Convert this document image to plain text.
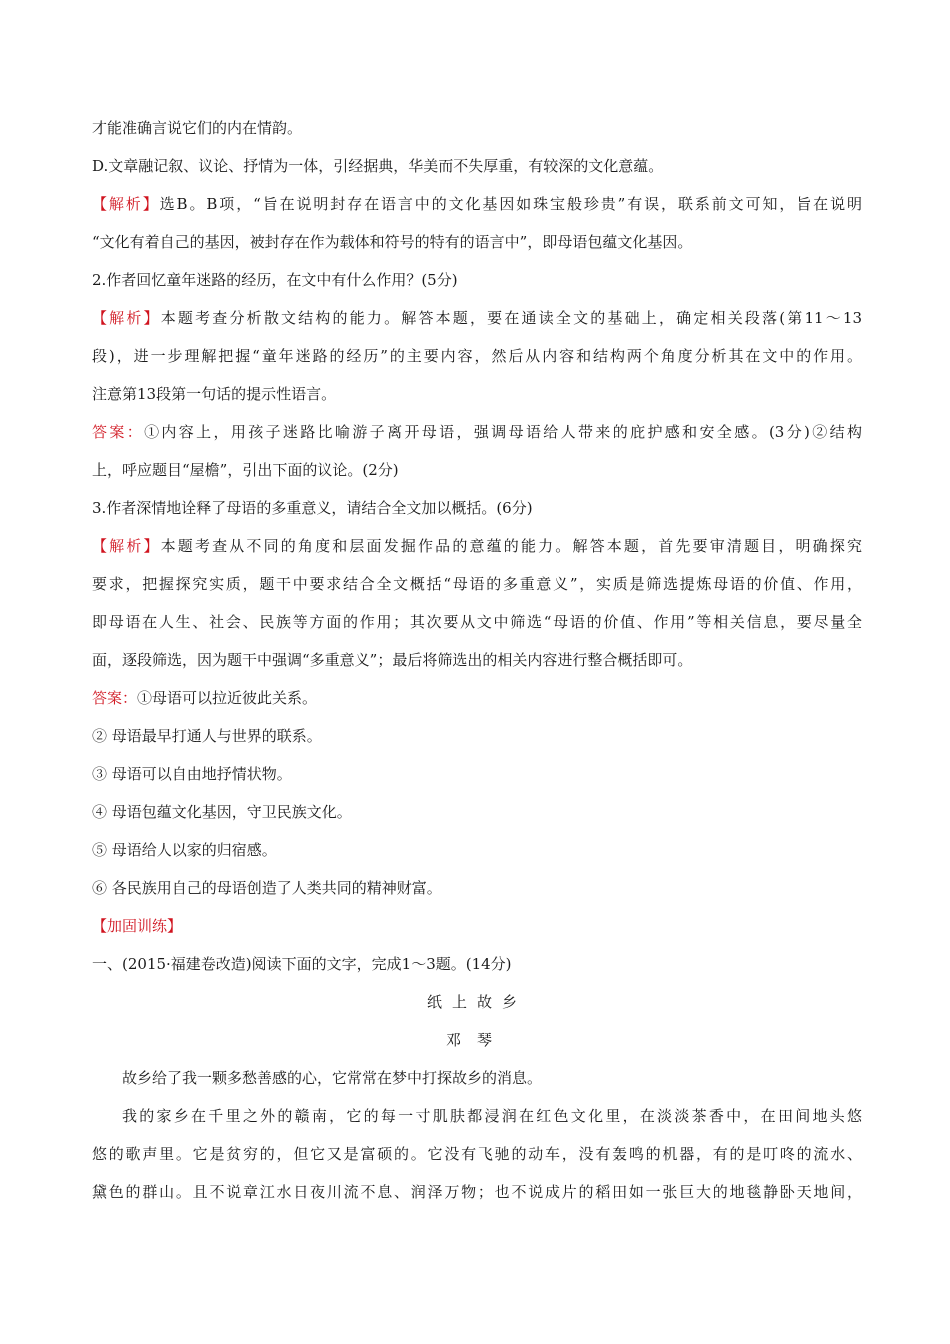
才能准确言说它们的内在情韵。
D.文章融记叙、议论、抒情为一体，引经据典，华美而不失厚重，有较深的文化意蕴。
【解析】选B。B项，“旨在说明封存在语言中的文化基因如珠宝般珍贵”有误，联系前文可知，旨在说明
“文化有着自己的基因，被封存在作为载体和符号的特有的语言中”，即母语包蕴文化基因。
2.作者回忆童年迷路的经历，在文中有什么作用？(5分)
【解析】本题考查分析散文结构的能力。解答本题，要在通读全文的基础上，确定相关段落(第11～13
段)，进一步理解把握“童年迷路的经历”的主要内容，然后从内容和结构两个角度分析其在文中的作用。
注意第13段第一句话的提示性语言。
答案：①内容上，用孩子迷路比喻游子离开母语，强调母语给人带来的庇护感和安全感。(3分)②结构
上，呼应题目“屋檐”，引出下面的议论。(2分)
3.作者深情地诠释了母语的多重意义，请结合全文加以概括。(6分)
【解析】本题考查从不同的角度和层面发掘作品的意蕴的能力。解答本题，首先要审清题目，明确探究
要求，把握探究实质，题干中要求结合全文概括“母语的多重意义”，实质是筛选提炼母语的价值、作用，
即母语在人生、社会、民族等方面的作用；其次要从文中筛选“母语的价值、作用”等相关信息，要尽量全
面，逐段筛选，因为题干中强调“多重意义”；最后将筛选出的相关内容进行整合概括即可。
答案：①母语可以拉近彼此关系。
② 母语最早打通人与世界的联系。
③ 母语可以自由地抒情状物。
④ 母语包蕴文化基因，守卫民族文化。
⑤ 母语给人以家的归宿感。
⑥ 各民族用自己的母语创造了人类共同的精神财富。
【加固训练】
一、(2015·福建卷改造)阅读下面的文字，完成1～3题。(14分)
纸上故乡
邓琴
故乡给了我一颗多愁善感的心，它常常在梦中打探故乡的消息。
我的家乡在千里之外的赣南，它的每一寸肌肤都浸润在红色文化里，在淡淡茶香中，在田间地头悠
悠的歌声里。它是贫穷的，但它又是富硕的。它没有飞驰的动车，没有轰鸣的机器，有的是叮咚的流水、
黛色的群山。且不说章江水日夜川流不息、润泽万物；也不说成片的稻田如一张巨大的地毯静卧天地间，
